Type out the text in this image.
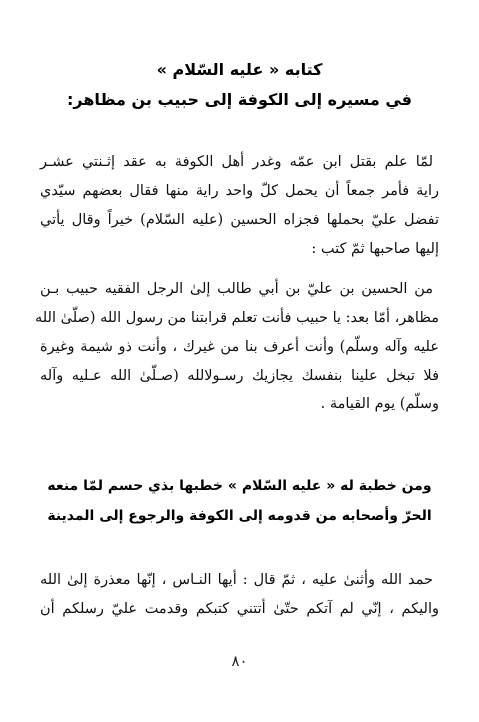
كتابه « عليه السّلام »
في مسيره إلى الكوفة إلى حبيب بن مظاهر:
لمّا علم بقتل ابن عمّه وغدر أهل الكوفة به عقد إثـنتي عشـر
راية فأمر جمعاً أن يحمل كلّ واحد راية منها فقال بعضهم سيّدي
تفضل عليّ بحملها فجزاه الحسين (عليه السّلام) خيراً وقال يأتي
إليها صاحبها ثمّ كتب :
من الحسين بن عليّ بن أبي طالب إلىٰ الرجل الفقيه حبيب بـن
مظاهر، أمّا بعد: يا حبيب فأنت تعلم قرابتنا من رسول الله (صلّىٰ الله
عليه وآله وسلّم) وأنت أعرف بنا من غيرك ، وأنت ذو شيمة وغيرة
فلا تبخل علينا بنفسك يجازيك رسـولالله (صـلّىٰ الله عـليه وآله
وسلّم) يوم القيامة .
ومن خطبة له « عليه السّلام » خطبها بذي حسم لمّا منعه
الحرّ وأصحابه من قدومه إلى الكوفة والرجوع إلى المدينة
حمد الله وأثنىٰ عليه ، ثمّ قال : أيها النـاس ، إنّها معذرة إلىٰ الله
واليكم ، إنّي لم آتكم حتّىٰ أتتني كتبكم وقدمت عليّ رسلكم أن
٨٠
